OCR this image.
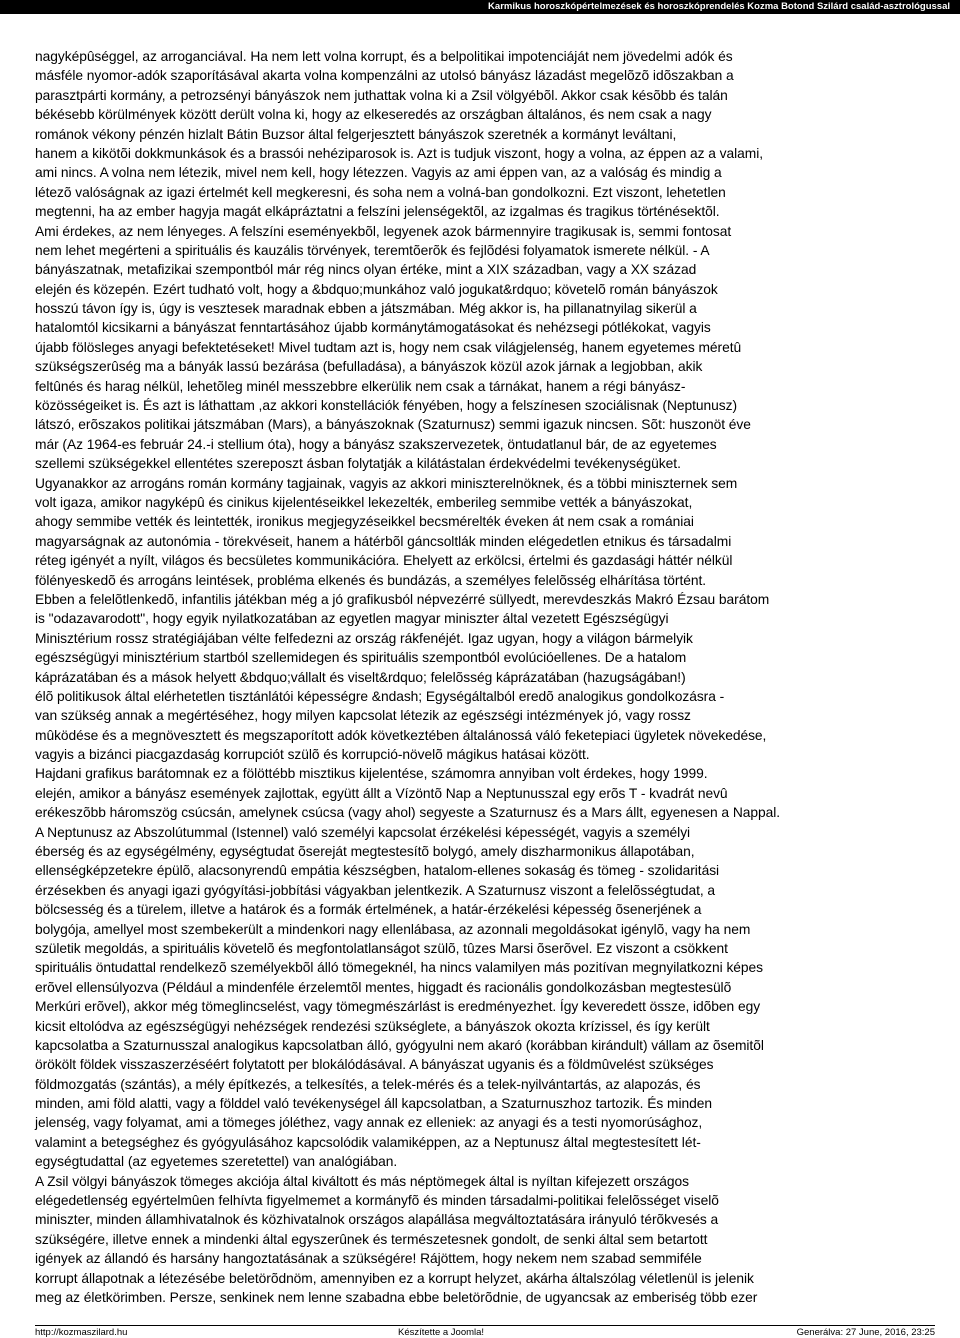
Karmikus horoszkópértelmezések és horoszkóprendelés Kozma Botond Szilárd család-asztrológussal
nagyképûséggel, az arroganciával. Ha nem lett volna korrupt, és a belpolitikai impotenciáját nem jövedelmi adók és
másféle nyomor-adók szaporításával akarta volna kompenzálni az utolsó bányász lázadást megelõzõ idõszakban a
parasztpárti kormány, a petrozsényi bányászok nem juthattak volna ki a Zsil völgyébõl. Akkor csak késõbb és talán
békésebb körülmények között derült volna ki, hogy az elkeseredés az országban általános, és nem csak a nagy
románok vékony pénzén hizlalt Bátin Buzsor által felgerjesztett bányászok szeretnék a kormányt leváltani,
hanem a kikötõi dokkmunkások és a brassói nehéziparosok is. Azt is tudjuk viszont, hogy a volna, az éppen az a valami,
ami nincs. A volna nem létezik, mivel nem kell, hogy létezzen. Vagyis az ami éppen van, az a valóság és mindig a
létezõ valóságnak az igazi értelmét kell megkeresni, és soha nem a volná-ban gondolkozni. Ezt viszont, lehetetlen
megtenni, ha az ember hagyja magát elkápráztatni a felszíni jelenségektõl, az izgalmas és tragikus történésektõl.
Ami érdekes, az nem lényeges. A felszíni eseményekbõl, legyenek azok bármennyire tragikusak is, semmi fontosat
nem lehet megérteni a spirituális és kauzális törvények, teremtõerõk és fejlõdési folyamatok ismerete nélkül. - A
bányászatnak, metafizikai szempontból már rég nincs olyan értéke, mint a XIX században, vagy a XX század
elején és közepén. Ezért tudható volt, hogy a &bdquo;munkához való jogukat&rdquo; követelõ román bányászok
hosszú távon így is, úgy is vesztesek maradnak ebben a játszmában. Még akkor is, ha pillanatnyilag sikerül a
hatalomtól kicsikarni a bányászat fenntartásához újabb kormánytámogatásokat és nehézsegi pótlékokat, vagyis
újabb fölösleges anyagi befektetéseket! Mivel tudtam azt is, hogy nem csak világjelenség, hanem egyetemes méretû
szükségszerûség ma a bányák lassú bezárása (befulladása), a bányászok közül azok járnak a legjobban, akik
feltûnés és harag nélkül, lehetõleg minél messzebbre elkerülik nem csak a tárnákat, hanem a régi bányász-
közösségeiket is. És azt is láthattam ,az akkori konstellációk fényében, hogy a felszínesen szociálisnak (Neptunusz)
látszó, erõszakos politikai játszmában (Mars), a bányászoknak (Szaturnusz) semmi igazuk nincsen. Sõt: huszonöt éve
már (Az 1964-es február 24.-i stellium óta), hogy a bányász szakszervezetek, öntudatlanul bár, de az egyetemes
szellemi szükségekkel ellentétes szereposzt ásban folytatják a kilátástalan érdekvédelmi tevékenységüket.
Ugyanakkor az arrogáns román kormány tagjainak, vagyis az akkori miniszterelnöknek, és a többi miniszternek sem
volt igaza, amikor nagyképû és cinikus kijelentéseikkel lekezelték, emberileg semmibe vették a bányászokat,
ahogy semmibe vették és leintették, ironikus megjegyzéseikkel becsmérelték éveken át nem csak a romániai
magyarságnak az autonómia - törekvéseit, hanem a hátérbõl gáncsoltlák minden elégedetlen etnikus és társadalmi
réteg igényét a nyílt, világos és becsületes kommunikációra. Ehelyett az erkölcsi, értelmi és gazdasági háttér nélkül
fölényeskedõ és arrogáns leintések, probléma elkenés és bundázás, a személyes felelõsség elhárítása történt.
Ebben a felelõtlenkedõ, infantilis játékban még a jó grafikusból népvezérré süllyedt, merevdeszkás Makró Ézsau barátom
is "odazavarodott", hogy egyik nyilatkozatában az egyetlen magyar miniszter által vezetett Egészségügyi
Minisztérium rossz stratégiájában vélte felfedezni az ország rákfenéjét. Igaz ugyan, hogy a világon bármelyik
egészségügyi minisztérium startból szellemidegen és spirituális szempontból evolúcióellenes. De a hatalom
káprázatában és a mások helyett &bdquo;vállalt és viselt&rdquo; felelõsség káprázatában (hazugságában!)
élõ politikusok által elérhetetlen tisztánlátói képességre &ndash; Egységáltalból eredõ analogikus gondolkozásra -
van szükség annak a megértéséhez, hogy milyen kapcsolat létezik az egészségi intézmények jó, vagy rossz
mûködése és a megnövesztett és megszaporított adók következtében általánossá váló feketepiaci ügyletek növekedése,
vagyis a bizánci piacgazdaság korrupciót szülõ és korrupció-növelõ mágikus hatásai között.
Hajdani grafikus barátomnak ez a fölöttébb misztikus kijelentése, számomra annyiban volt érdekes, hogy 1999.
elején, amikor a bányász események zajlottak, együtt állt a Vízöntõ Nap a Neptunusszal egy erõs T - kvadrát nevû
erékeszõbb háromszög csúcsán, amelynek csúcsa (vagy ahol) segyeste a Szaturnusz és a Mars állt, egyenesen a Nappal.
A Neptunusz az Abszolútummal (Istennel) való személyi kapcsolat érzékelési képességét, vagyis a személyi
éberség és az egységélmény, egységtudat õsereját megtestesítõ bolygó, amely diszharmonikus állapotában,
ellenségképzetekre épülõ, alacsonyrendû empátia készségben, hatalom-ellenes sokaság és tömeg - szolidaritási
érzésekben és anyagi igazi gyógyítási-jobbítási vágyakban jelentkezik. A Szaturnusz viszont a felelõsségtudat, a
bölcsesség és a türelem, illetve a határok és a formák értelmének, a határ-érzékelési képesség õsenerjének a
bolygója, amellyel most szembekerült a mindenkori nagy ellenlábasa, az azonnali megoldásokat igénylõ, vagy ha nem
születik megoldás, a spirituális követelõ és megfontolatlanságot szülõ, tûzes Marsi õserõvel. Ez viszont a csökkent
spirituális öntudattal rendelkezõ személyekbõl álló tömegeknél, ha nincs valamilyen más pozitívan megnyilatkozni képes
erõvel ellensúlyozva (Például a mindenféle érzelemtõl mentes, higgadt és racionális gondolkozásban megtestesülõ
Merkúri erõvel), akkor még tömeglincselést, vagy tömegmészárlást is eredményezhet. Így keveredett össze, idõben egy
kicsit eltolódva az egészségügyi nehézségek rendezési szükséglete, a bányászok okozta krízissel, és így került
kapcsolatba a Szaturnusszal analogikus kapcsolatban álló, gyógyulni nem akaró (korábban kirándult) vállam az õsemitõl
örökölt földek visszaszerzéséért folytatott per blokálódásával. A bányászat ugyanis és a földmûvelést szükséges
földmozgatás (szántás), a mély építkezés, a telkesítés, a telek-mérés és a telek-nyilvántartás, az alapozás, és
minden, ami föld alatti, vagy a földdel való tevékenységel áll kapcsolatban, a Szaturnuszhoz tartozik. És minden
jelenség, vagy folyamat, ami a tömeges jóléthez, vagy annak ez elleniek: az anyagi és a testi nyomorúsághoz,
valamint a betegséghez és gyógyulásához kapcsolódik valamiképpen, az a Neptunusz által megtestesített lét-
egységtudattal (az egyetemes szeretettel) van analógiában.
A Zsil völgyi bányászok tömeges akciója által kiváltott és más néptömegek által is nyíltan kifejezett országos
elégedetlenség egyértelmûen felhívta figyelmemet a kormányfõ és minden társadalmi-politikai felelõsséget viselõ
miniszter, minden államhivatalnok és közhivatalnok országos alapállása megváltoztatására irányuló térõkvesés a
szükségére, illetve ennek a mindenki által egyszerûnek és természetesnek gondolt, de senki által sem betartott
igények az állandó és harsány hangoztatásának a szükségére! Rájöttem, hogy nekem nem szabad semmiféle
korrupt állapotnak a létezésébe beletörõdnöm, amennyiben ez a korrupt helyzet, akárha általszólag véletlenül is jelenik
meg az életkörimben. Persze, senkinek nem lenne szabadna ebbe beletörõdnie, de ugyancsak az emberiség több ezer
http://kozmaszilard.hu	Készítette a Joomla!	Generálva: 27 June, 2016, 23:25
